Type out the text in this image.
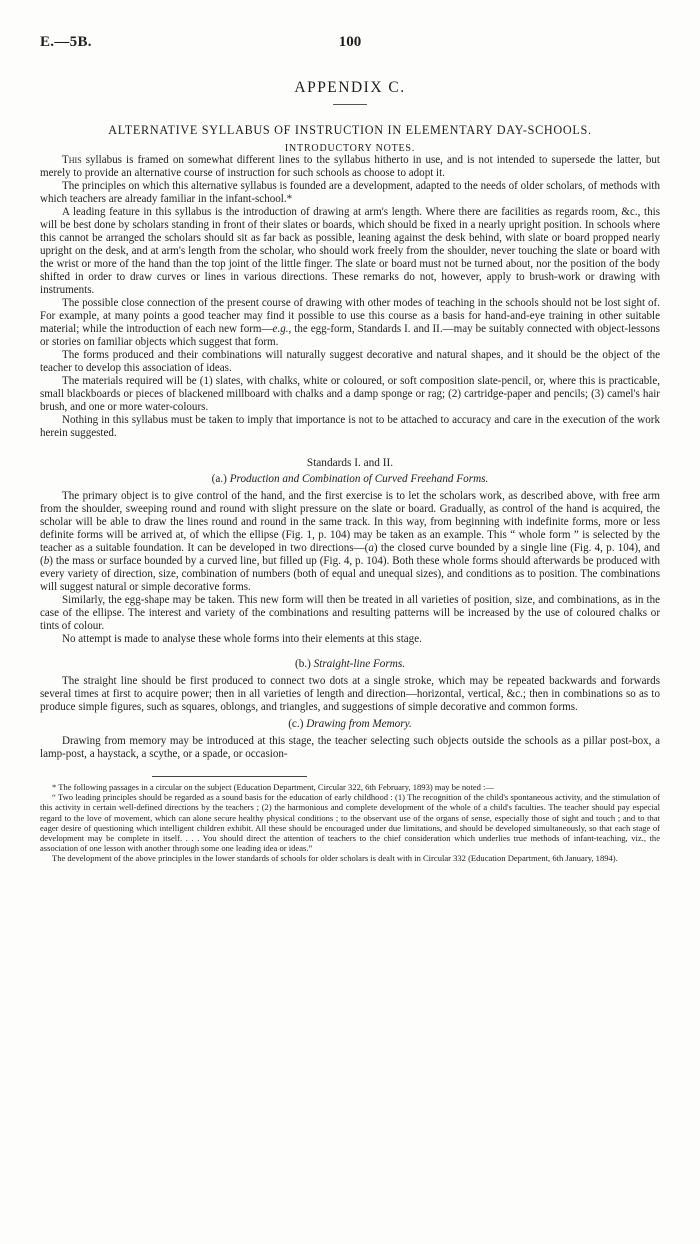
E.—5B.	100
APPENDIX C.
ALTERNATIVE SYLLABUS OF INSTRUCTION IN ELEMENTARY DAY-SCHOOLS.
INTRODUCTORY NOTES.

This syllabus is framed on somewhat different lines to the syllabus hitherto in use, and is not intended to supersede the latter, but merely to provide an alternative course of instruction for such schools as choose to adopt it.

The principles on which this alternative syllabus is founded are a development, adapted to the needs of older scholars, of methods with which teachers are already familiar in the infant-school.*

A leading feature in this syllabus is the introduction of drawing at arm's length. Where there are facilities as regards room, &c., this will be best done by scholars standing in front of their slates or boards, which should be fixed in a nearly upright position. In schools where this cannot be arranged the scholars should sit as far back as possible, leaning against the desk behind, with slate or board propped nearly upright on the desk, and at arm's length from the scholar, who should work freely from the shoulder, never touching the slate or board with the wrist or more of the hand than the top joint of the little finger. The slate or board must not be turned about, nor the position of the body shifted in order to draw curves or lines in various directions. These remarks do not, however, apply to brush-work or drawing with instruments.

The possible close connection of the present course of drawing with other modes of teaching in the schools should not be lost sight of. For example, at many points a good teacher may find it possible to use this course as a basis for hand-and-eye training in other suitable material; while the introduction of each new form—e.g., the egg-form, Standards I. and II.—may be suitably connected with object-lessons or stories on familiar objects which suggest that form.

The forms produced and their combinations will naturally suggest decorative and natural shapes, and it should be the object of the teacher to develop this association of ideas.

The materials required will be (1) slates, with chalks, white or coloured, or soft composition slate-pencil, or, where this is practicable, small blackboards or pieces of blackened millboard with chalks and a damp sponge or rag; (2) cartridge-paper and pencils; (3) camel's hair brush, and one or more water-colours.

Nothing in this syllabus must be taken to imply that importance is not to be attached to accuracy and care in the execution of the work herein suggested.

Standards I. and II.
(a.) Production and Combination of Curved Freehand Forms.

The primary object is to give control of the hand, and the first exercise is to let the scholars work, as described above, with free arm from the shoulder, sweeping round and round with slight pressure on the slate or board. Gradually, as control of the hand is acquired, the scholar will be able to draw the lines round and round in the same track. In this way, from beginning with indefinite forms, more or less definite forms will be arrived at, of which the ellipse (Fig. 1, p. 104) may be taken as an example. This “ whole form ” is selected by the teacher as a suitable foundation. It can be developed in two directions—(a) the closed curve bounded by a single line (Fig. 4, p. 104), and (b) the mass or surface bounded by a curved line, but filled up (Fig. 4, p. 104). Both these whole forms should afterwards be produced with every variety of direction, size, combination of numbers (both of equal and unequal sizes), and conditions as to position. The combinations will suggest natural or simple decorative forms.

Similarly, the egg-shape may be taken. This new form will then be treated in all varieties of position, size, and combinations, as in the case of the ellipse. The interest and variety of the combinations and resulting patterns will be increased by the use of coloured chalks or tints of colour.

No attempt is made to analyse these whole forms into their elements at this stage.

(b.) Straight-line Forms.

The straight line should be first produced to connect two dots at a single stroke, which may be repeated backwards and forwards several times at first to acquire power; then in all varieties of length and direction—horizontal, vertical, &c.; then in combinations so as to produce simple figures, such as squares, oblongs, and triangles, and suggestions of simple decorative and common forms.

(c.) Drawing from Memory.

Drawing from memory may be introduced at this stage, the teacher selecting such objects outside the schools as a pillar post-box, a lamp-post, a haystack, a scythe, or a spade, or occasion-

* The following passages in a circular on the subject (Education Department, Circular 322, 6th February, 1893) may be noted :—

“ Two leading principles should be regarded as a sound basis for the education of early childhood : (1) The recognition of the child's spontaneous activity, and the stimulation of this activity in certain well-defined directions by the teachers ; (2) the harmonious and complete development of the whole of a child's faculties. The teacher should pay especial regard to the love of movement, which can alone secure healthy physical conditions ; to the observant use of the organs of sense, especially those of sight and touch ; and to that eager desire of questioning which intelligent children exhibit. All these should be encouraged under due limitations, and should be developed simultaneously, so that each stage of development may be complete in itself. . . . You should direct the attention of teachers to the chief consideration which underlies true methods of infant-teaching, viz., the association of one lesson with another through some one leading idea or ideas.”

The development of the above principles in the lower standards of schools for older scholars is dealt with in Circular 332 (Education Department, 6th January, 1894).
